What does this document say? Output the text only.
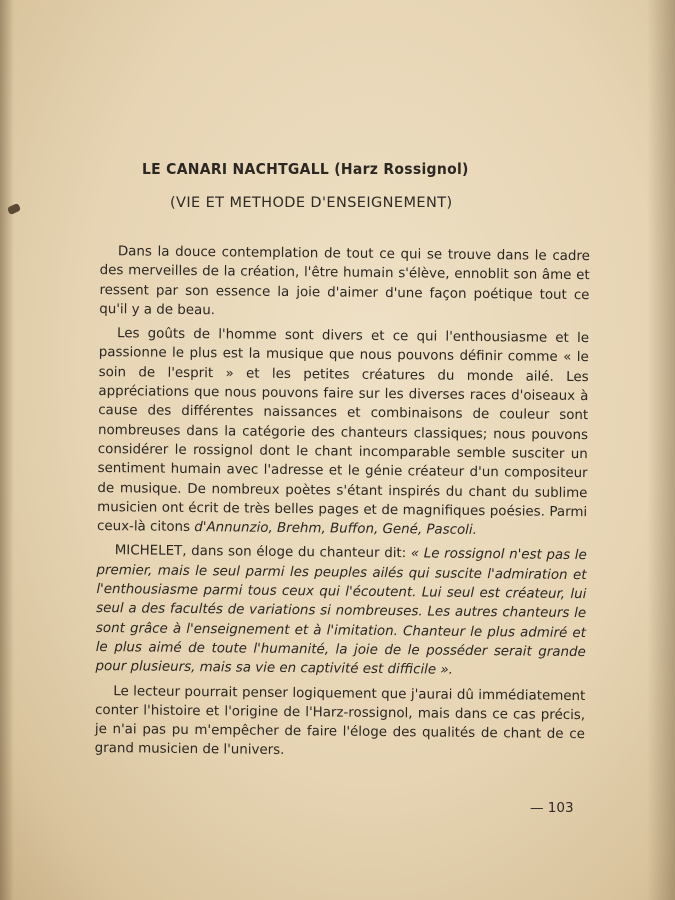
LE CANARI NACHTGALL (Harz Rossignol)
(VIE ET METHODE D'ENSEIGNEMENT)

Dans la douce contemplation de tout ce qui se trouve dans le cadre des merveilles de la création, l'être humain s'élève, ennoblit son âme et ressent par son essence la joie d'aimer d'une façon poétique tout ce qu'il y a de beau.

Les goûts de l'homme sont divers et ce qui l'enthousiasme et le passionne le plus est la musique que nous pouvons définir comme « le soin de l'esprit » et les petites créatures du monde ailé. Les appréciations que nous pouvons faire sur les diverses races d'oiseaux à cause des différentes naissances et combinaisons de couleur sont nombreuses dans la catégorie des chanteurs classiques; nous pouvons considérer le rossignol dont le chant incomparable semble susciter un sentiment humain avec l'adresse et le génie créateur d'un compositeur de musique. De nombreux poètes s'étant inspirés du chant du sublime musicien ont écrit de très belles pages et de magnifiques poésies. Parmi ceux-là citons d'Annunzio, Brehm, Buffon, Gené, Pascoli.

MICHELET, dans son éloge du chanteur dit: « Le rossignol n'est pas le premier, mais le seul parmi les peuples ailés qui suscite l'admiration et l'enthousiasme parmi tous ceux qui l'écoutent. Lui seul est créateur, lui seul a des facultés de variations si nombreuses. Les autres chanteurs le sont grâce à l'enseignement et à l'imitation. Chanteur le plus admiré et le plus aimé de toute l'humanité, la joie de le posséder serait grande pour plusieurs, mais sa vie en captivité est difficile ».

Le lecteur pourrait penser logiquement que j'aurai dû immédiatement conter l'histoire et l'origine de l'Harz-rossignol, mais dans ce cas précis, je n'ai pas pu m'empêcher de faire l'éloge des qualités de chant de ce grand musicien de l'univers.

— 103
